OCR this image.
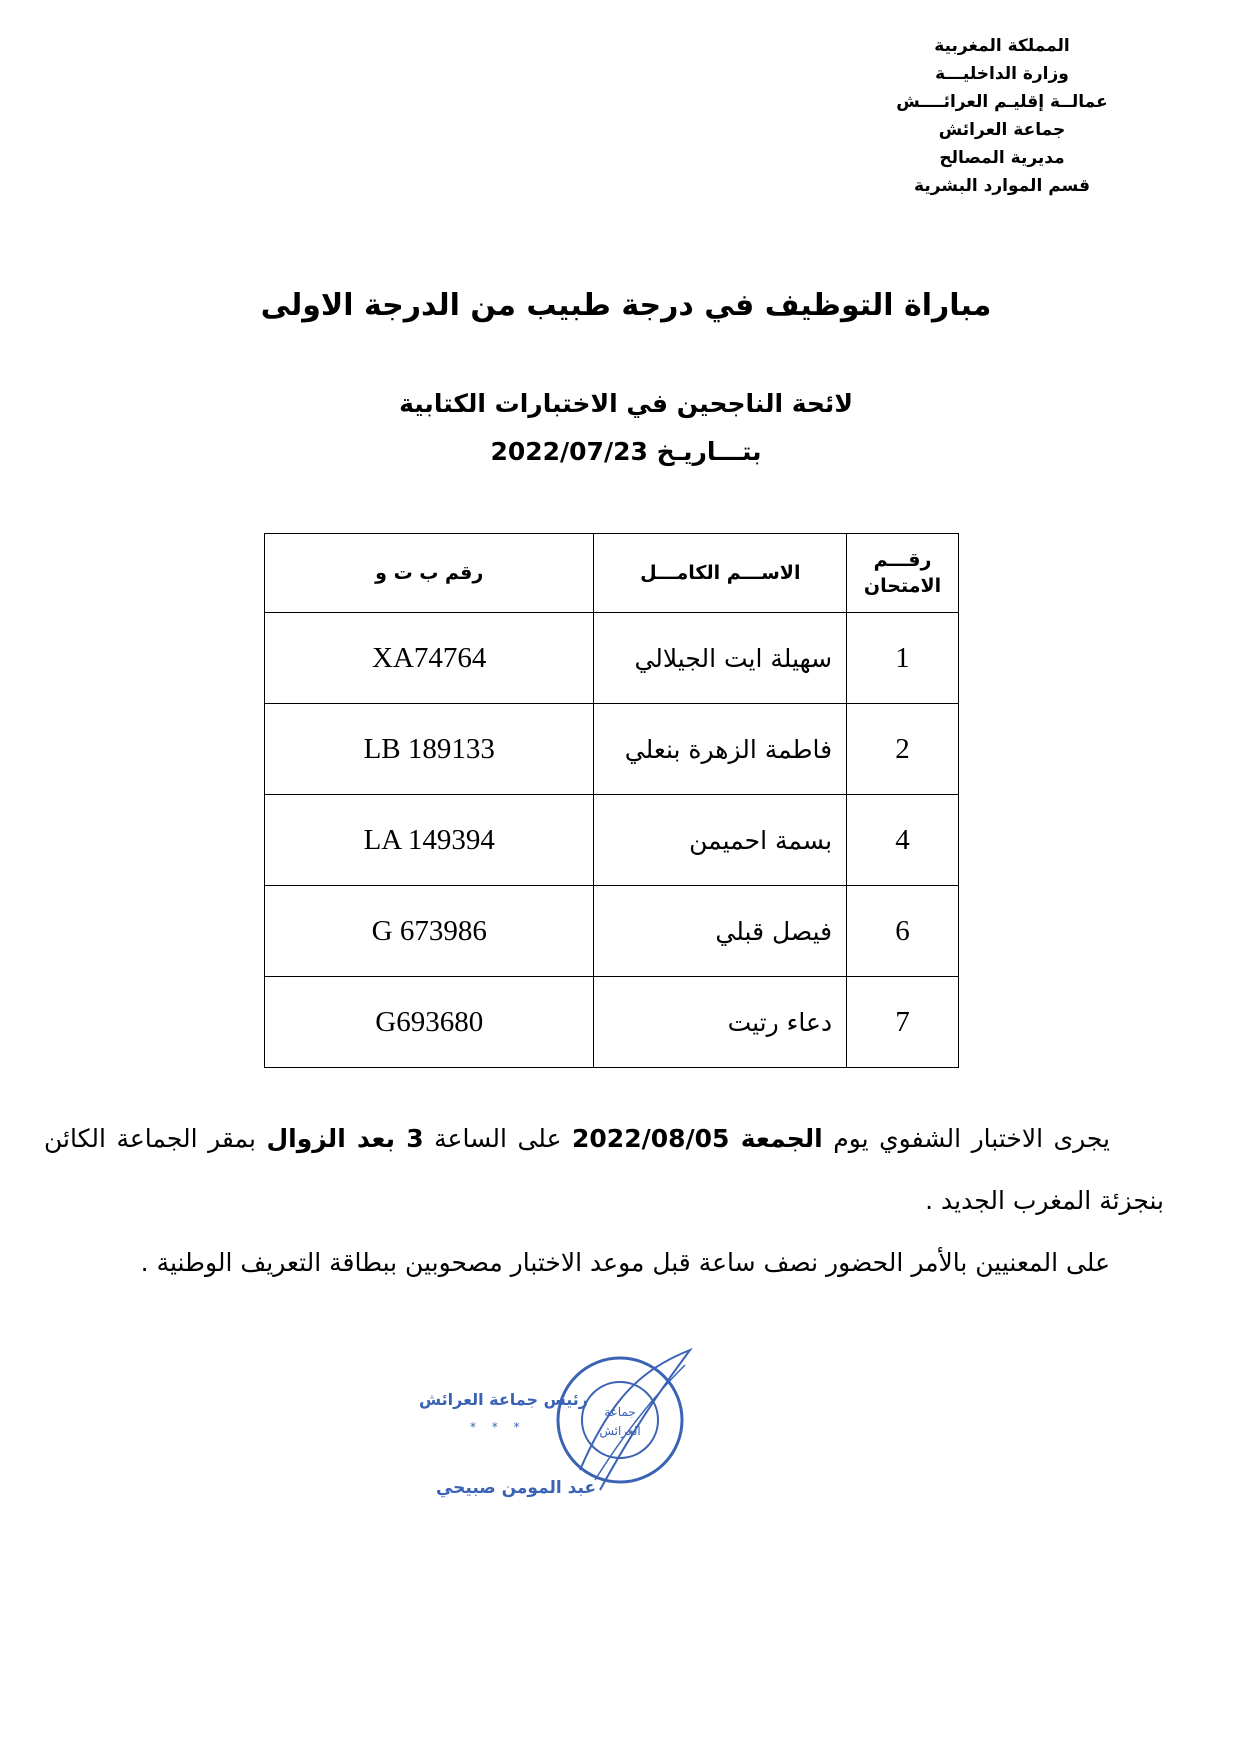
المملكة المغربية
وزارة الداخليـــة
عمالــة إقليـم العرائــــش
جماعة العرائش
مديرية المصالح
قسم الموارد البشرية
مباراة التوظيف في درجة طبيب من الدرجة الاولى
لائحة الناجحين في الاختبارات الكتابية
بتـــاريـخ 2022/07/23
رقـــم
الامتحان	الاســـم الكامـــل	رقم ب ت و
1	سهيلة ايت الجيلالي	XA74764
2	فاطمة الزهرة بنعلي	LB 189133
4	بسمة احميمن	LA 149394
6	فيصل قبلي	G 673986
7	دعاء رتيت	G693680

يجرى الاختبار الشفوي يوم الجمعة 2022/08/05 على الساعة 3 بعد الزوال بمقر الجماعة الكائن بنجزئة المغرب الجديد .

على المعنيين بالأمر الحضور نصف ساعة قبل موعد الاختبار مصحوبين ببطاقة التعريف الوطنية .

رئيس جماعة العرائش
* * *
عبد المومن صبيحي
جماعة
العرائش
